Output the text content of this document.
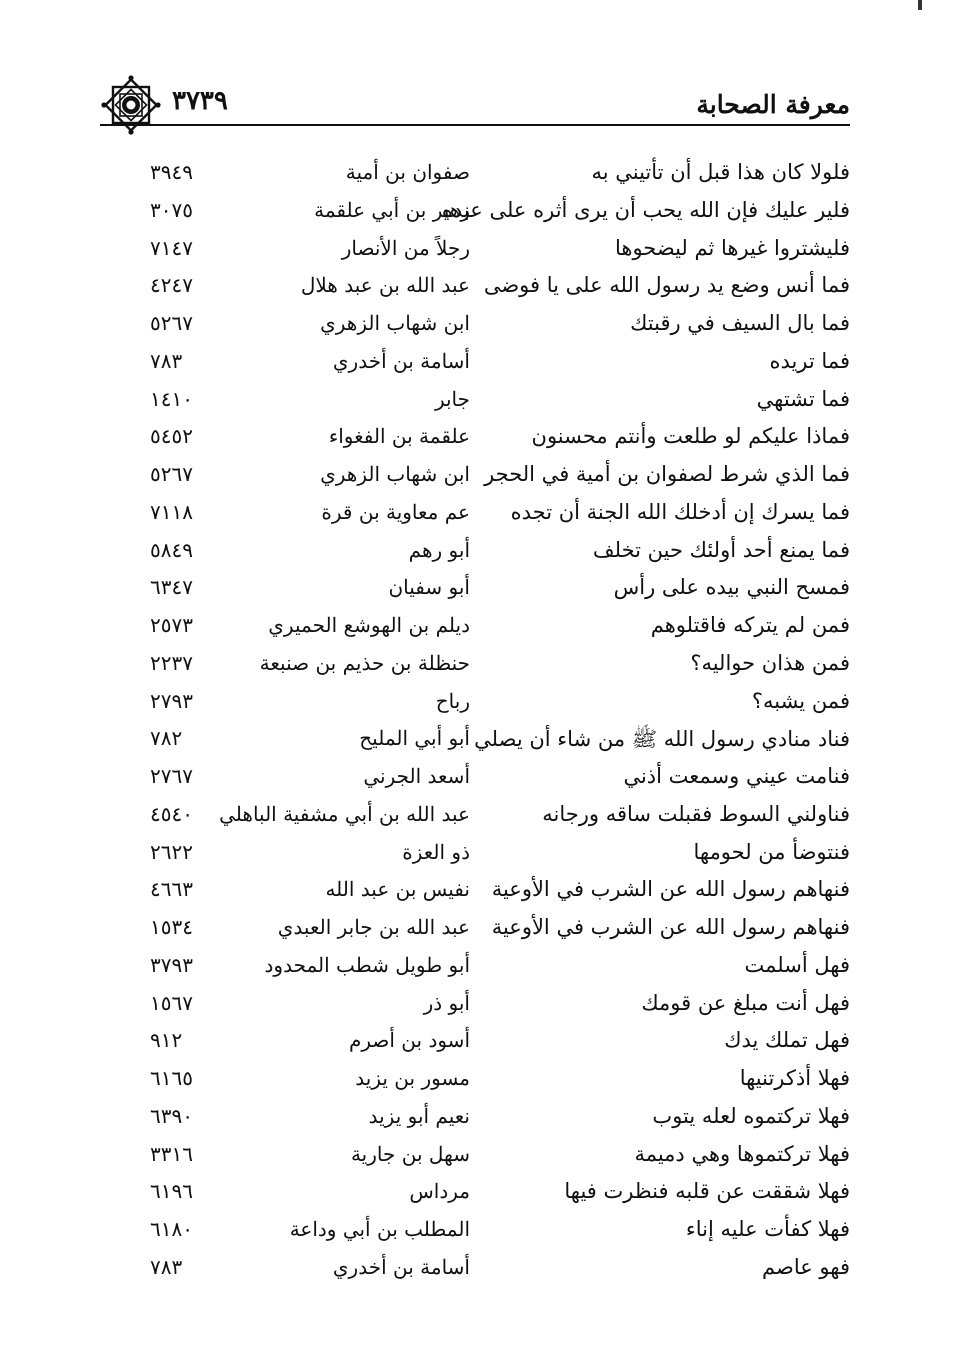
معرفة الصحابة
٣٧٣٩
فلولا كان هذا قبل أن تأتيني به
صفوان بن أمية
٣٩٤٩
فلير عليك فإن الله يحب أن يرى أثره على عبده
زهير بن أبي علقمة
٣٠٧٥
فليشتروا غيرها ثم ليضحوها
رجلاً من الأنصار
٧١٤٧
فما أنس وضع يد رسول الله على يا فوضى
عبد الله بن عبد هلال
٤٢٤٧
فما بال السيف في رقبتك
ابن شهاب الزهري
٥٢٦٧
فما تريده
أسامة بن أخدري
٧٨٣
فما تشتهي
جابر
١٤١٠
فماذا عليكم لو طلعت وأنتم محسنون
علقمة بن الفغواء
٥٤٥٢
فما الذي شرط لصفوان بن أمية في الحجر
ابن شهاب الزهري
٥٢٦٧
فما يسرك إن أدخلك الله الجنة أن تجده
عم معاوية بن قرة
٧١١٨
فما يمنع أحد أولئك حين تخلف
أبو رهم
٥٨٤٩
فمسح النبي بيده على رأس
أبو سفيان
٦٣٤٧
فمن لم يتركه فاقتلوهم
ديلم بن الهوشع الحميري
٢٥٧٣
فمن هذان حواليه؟
حنظلة بن حذيم بن صنبعة
٢٢٣٧
فمن يشبه؟
رباح
٢٧٩٣
فناد منادي رسول الله ﷺ من شاء أن يصلي
أبو أبي المليح
٧٨٢
فنامت عيني وسمعت أذني
أسعد الجرني
٢٧٦٧
فناولني السوط فقبلت ساقه ورجانه
عبد الله بن أبي مشفية الباهلي
٤٥٤٠
فنتوضأ من لحومها
ذو العزة
٢٦٢٢
فنهاهم رسول الله عن الشرب في الأوعية
نفيس بن عبد الله
٤٦٦٣
فنهاهم رسول الله عن الشرب في الأوعية
عبد الله بن جابر العبدي
١٥٣٤
فهل أسلمت
أبو طويل شطب المحدود
٣٧٩٣
فهل أنت مبلغ عن قومك
أبو ذر
١٥٦٧
فهل تملك يدك
أسود بن أصرم
٩١٢
فهلا أذكرتنيها
مسور بن يزيد
٦١٦٥
فهلا تركتموه لعله يتوب
نعيم أبو يزيد
٦٣٩٠
فهلا تركتموها وهي دميمة
سهل بن جارية
٣٣١٦
فهلا شققت عن قلبه فنظرت فيها
مرداس
٦١٩٦
فهلا كفأت عليه إناء
المطلب بن أبي وداعة
٦١٨٠
فهو عاصم
أسامة بن أخدري
٧٨٣
